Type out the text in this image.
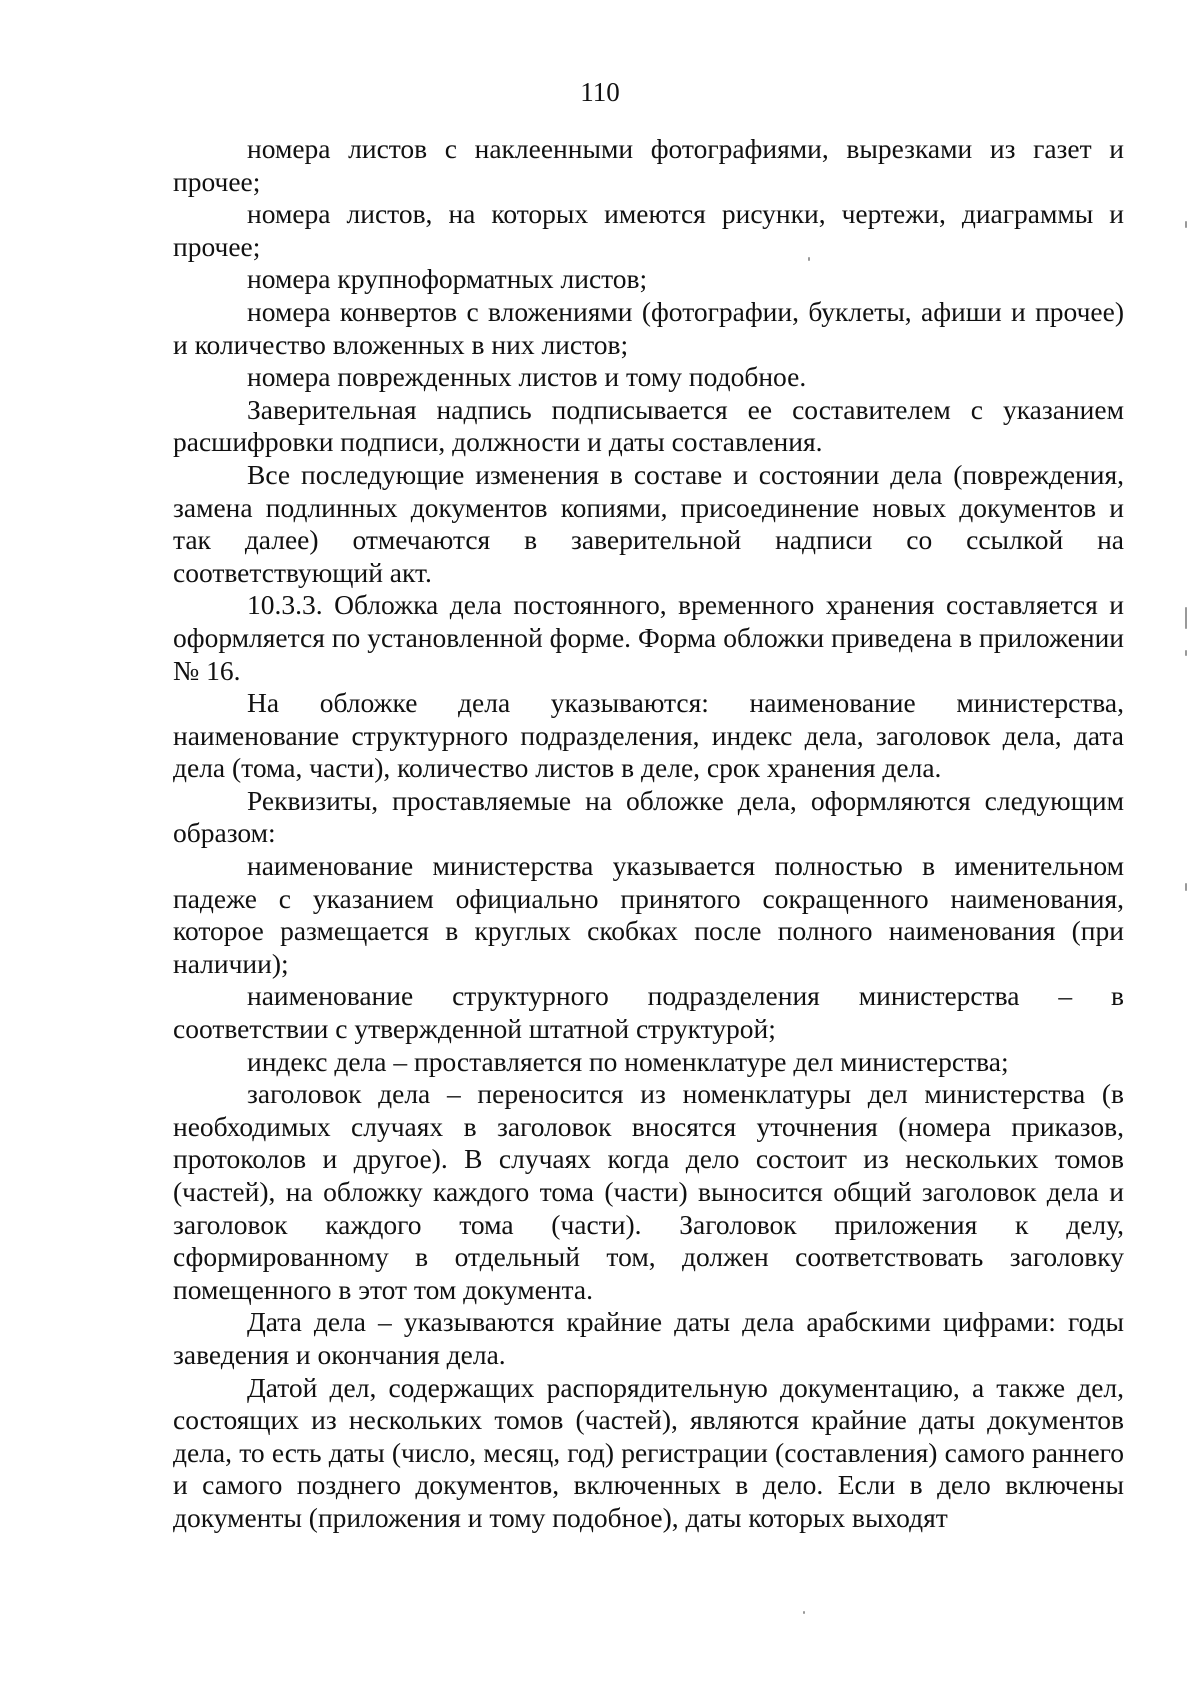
110

номера листов с наклеенными фотографиями, вырезками из газет и прочее;

номера листов, на которых имеются рисунки, чертежи, диаграммы и прочее;

номера крупноформатных листов;

номера конвертов с вложениями (фотографии, буклеты, афиши и прочее) и количество вложенных в них листов;

номера поврежденных листов и тому подобное.

Заверительная надпись подписывается ее составителем с указанием расшифровки подписи, должности и даты составления.

Все последующие изменения в составе и состоянии дела (повреждения, замена подлинных документов копиями, присоединение новых документов и так далее) отмечаются в заверительной надписи со ссылкой на соответствующий акт.

10.3.3. Обложка дела постоянного, временного хранения составляется и оформляется по установленной форме. Форма обложки приведена в приложении № 16.

На обложке дела указываются: наименование министерства, наименование структурного подразделения, индекс дела, заголовок дела, дата дела (тома, части), количество листов в деле, срок хранения дела.

Реквизиты, проставляемые на обложке дела, оформляются следующим образом:

наименование министерства указывается полностью в именительном падеже с указанием официально принятого сокращенного наименования, которое размещается в круглых скобках после полного наименования (при наличии);

наименование структурного подразделения министерства – в соответствии с утвержденной штатной структурой;

индекс дела – проставляется по номенклатуре дел министерства;

заголовок дела – переносится из номенклатуры дел министерства (в необходимых случаях в заголовок вносятся уточнения (номера приказов, протоколов и другое). В случаях когда дело состоит из нескольких томов (частей), на обложку каждого тома (части) выносится общий заголовок дела и заголовок каждого тома (части). Заголовок приложения к делу, сформированному в отдельный том, должен соответствовать заголовку помещенного в этот том документа.

Дата дела – указываются крайние даты дела арабскими цифрами: годы заведения и окончания дела.

Датой дел, содержащих распорядительную документацию, а также дел, состоящих из нескольких томов (частей), являются крайние даты документов дела, то есть даты (число, месяц, год) регистрации (составления) самого раннего и самого позднего документов, включенных в дело. Если в дело включены документы (приложения и тому подобное), даты которых выходят
